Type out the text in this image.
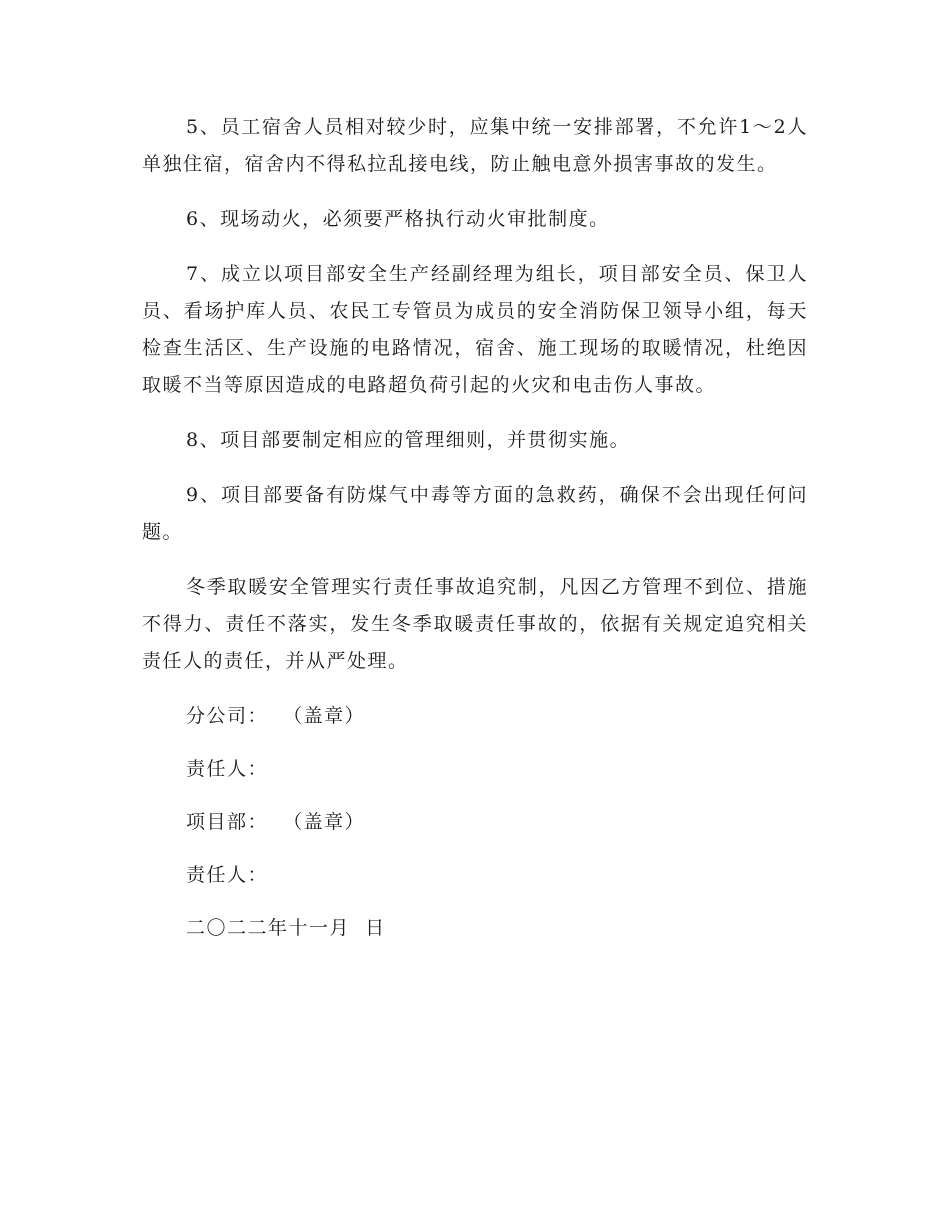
5、员工宿舍人员相对较少时，应集中统一安排部署，不允许1～2人单独住宿，宿舍内不得私拉乱接电线，防止触电意外损害事故的发生。

6、现场动火，必须要严格执行动火审批制度。

7、成立以项目部安全生产经副经理为组长，项目部安全员、保卫人员、看场护库人员、农民工专管员为成员的安全消防保卫领导小组，每天检查生活区、生产设施的电路情况，宿舍、施工现场的取暖情况，杜绝因取暖不当等原因造成的电路超负荷引起的火灾和电击伤人事故。

8、项目部要制定相应的管理细则，并贯彻实施。

9、项目部要备有防煤气中毒等方面的急救药，确保不会出现任何问题。

冬季取暖安全管理实行责任事故追究制，凡因乙方管理不到位、措施不得力、责任不落实，发生冬季取暖责任事故的，依据有关规定追究相关责任人的责任，并从严处理。

分公司：  （盖章）
责任人：
项目部：  （盖章）
责任人：
二〇二二年十一月  日
